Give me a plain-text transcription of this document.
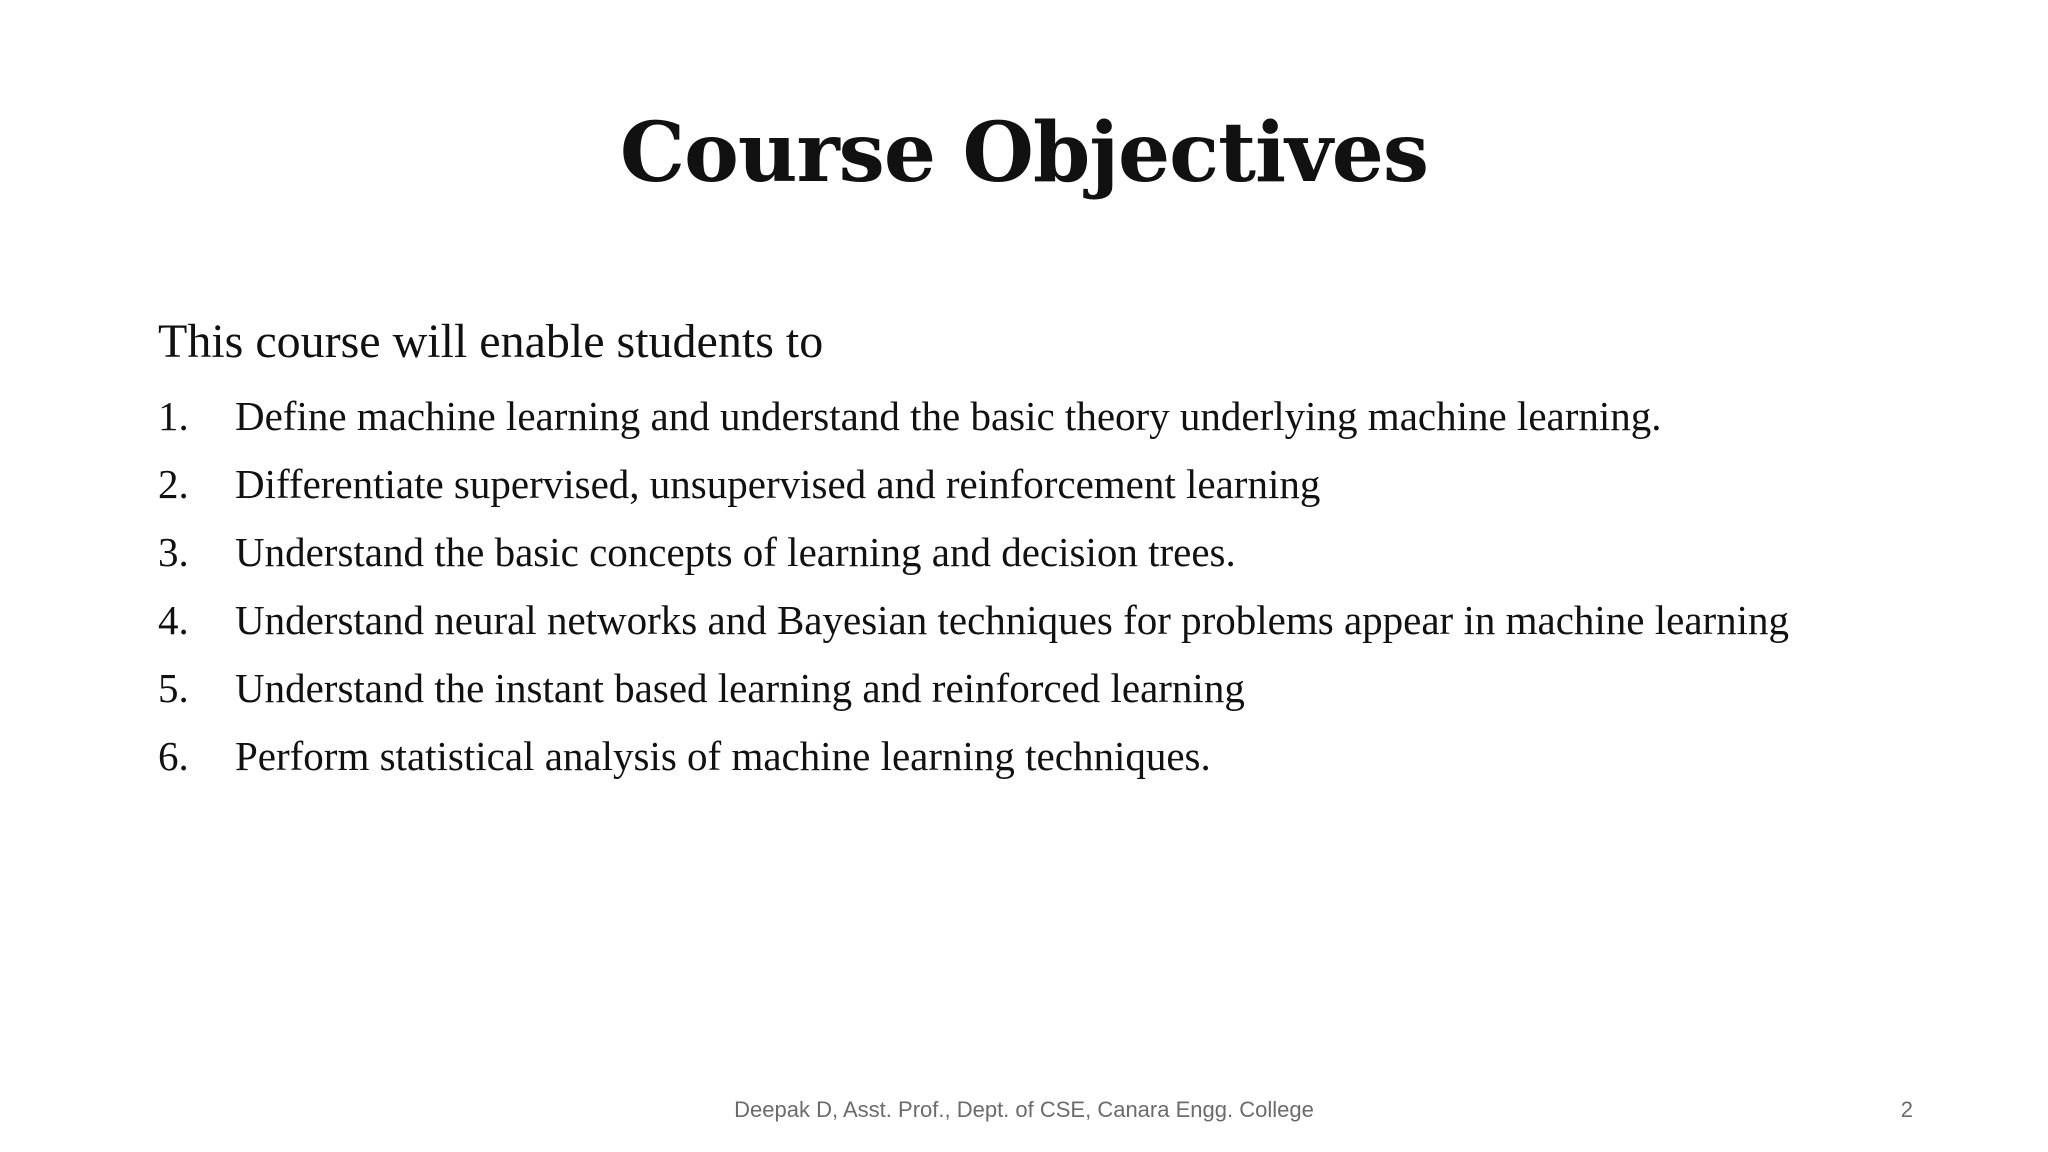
Course Objectives
This course will enable students to
1.	Define machine learning and understand the basic theory underlying machine learning.
2.	Differentiate supervised, unsupervised and reinforcement learning
3.	Understand the basic concepts of learning and decision trees.
4.	Understand neural networks and Bayesian techniques for problems appear in machine learning
5.	Understand the instant based learning and reinforced learning
6.	Perform statistical analysis of machine learning techniques.
Deepak D, Asst. Prof., Dept. of CSE, Canara Engg. College	2
